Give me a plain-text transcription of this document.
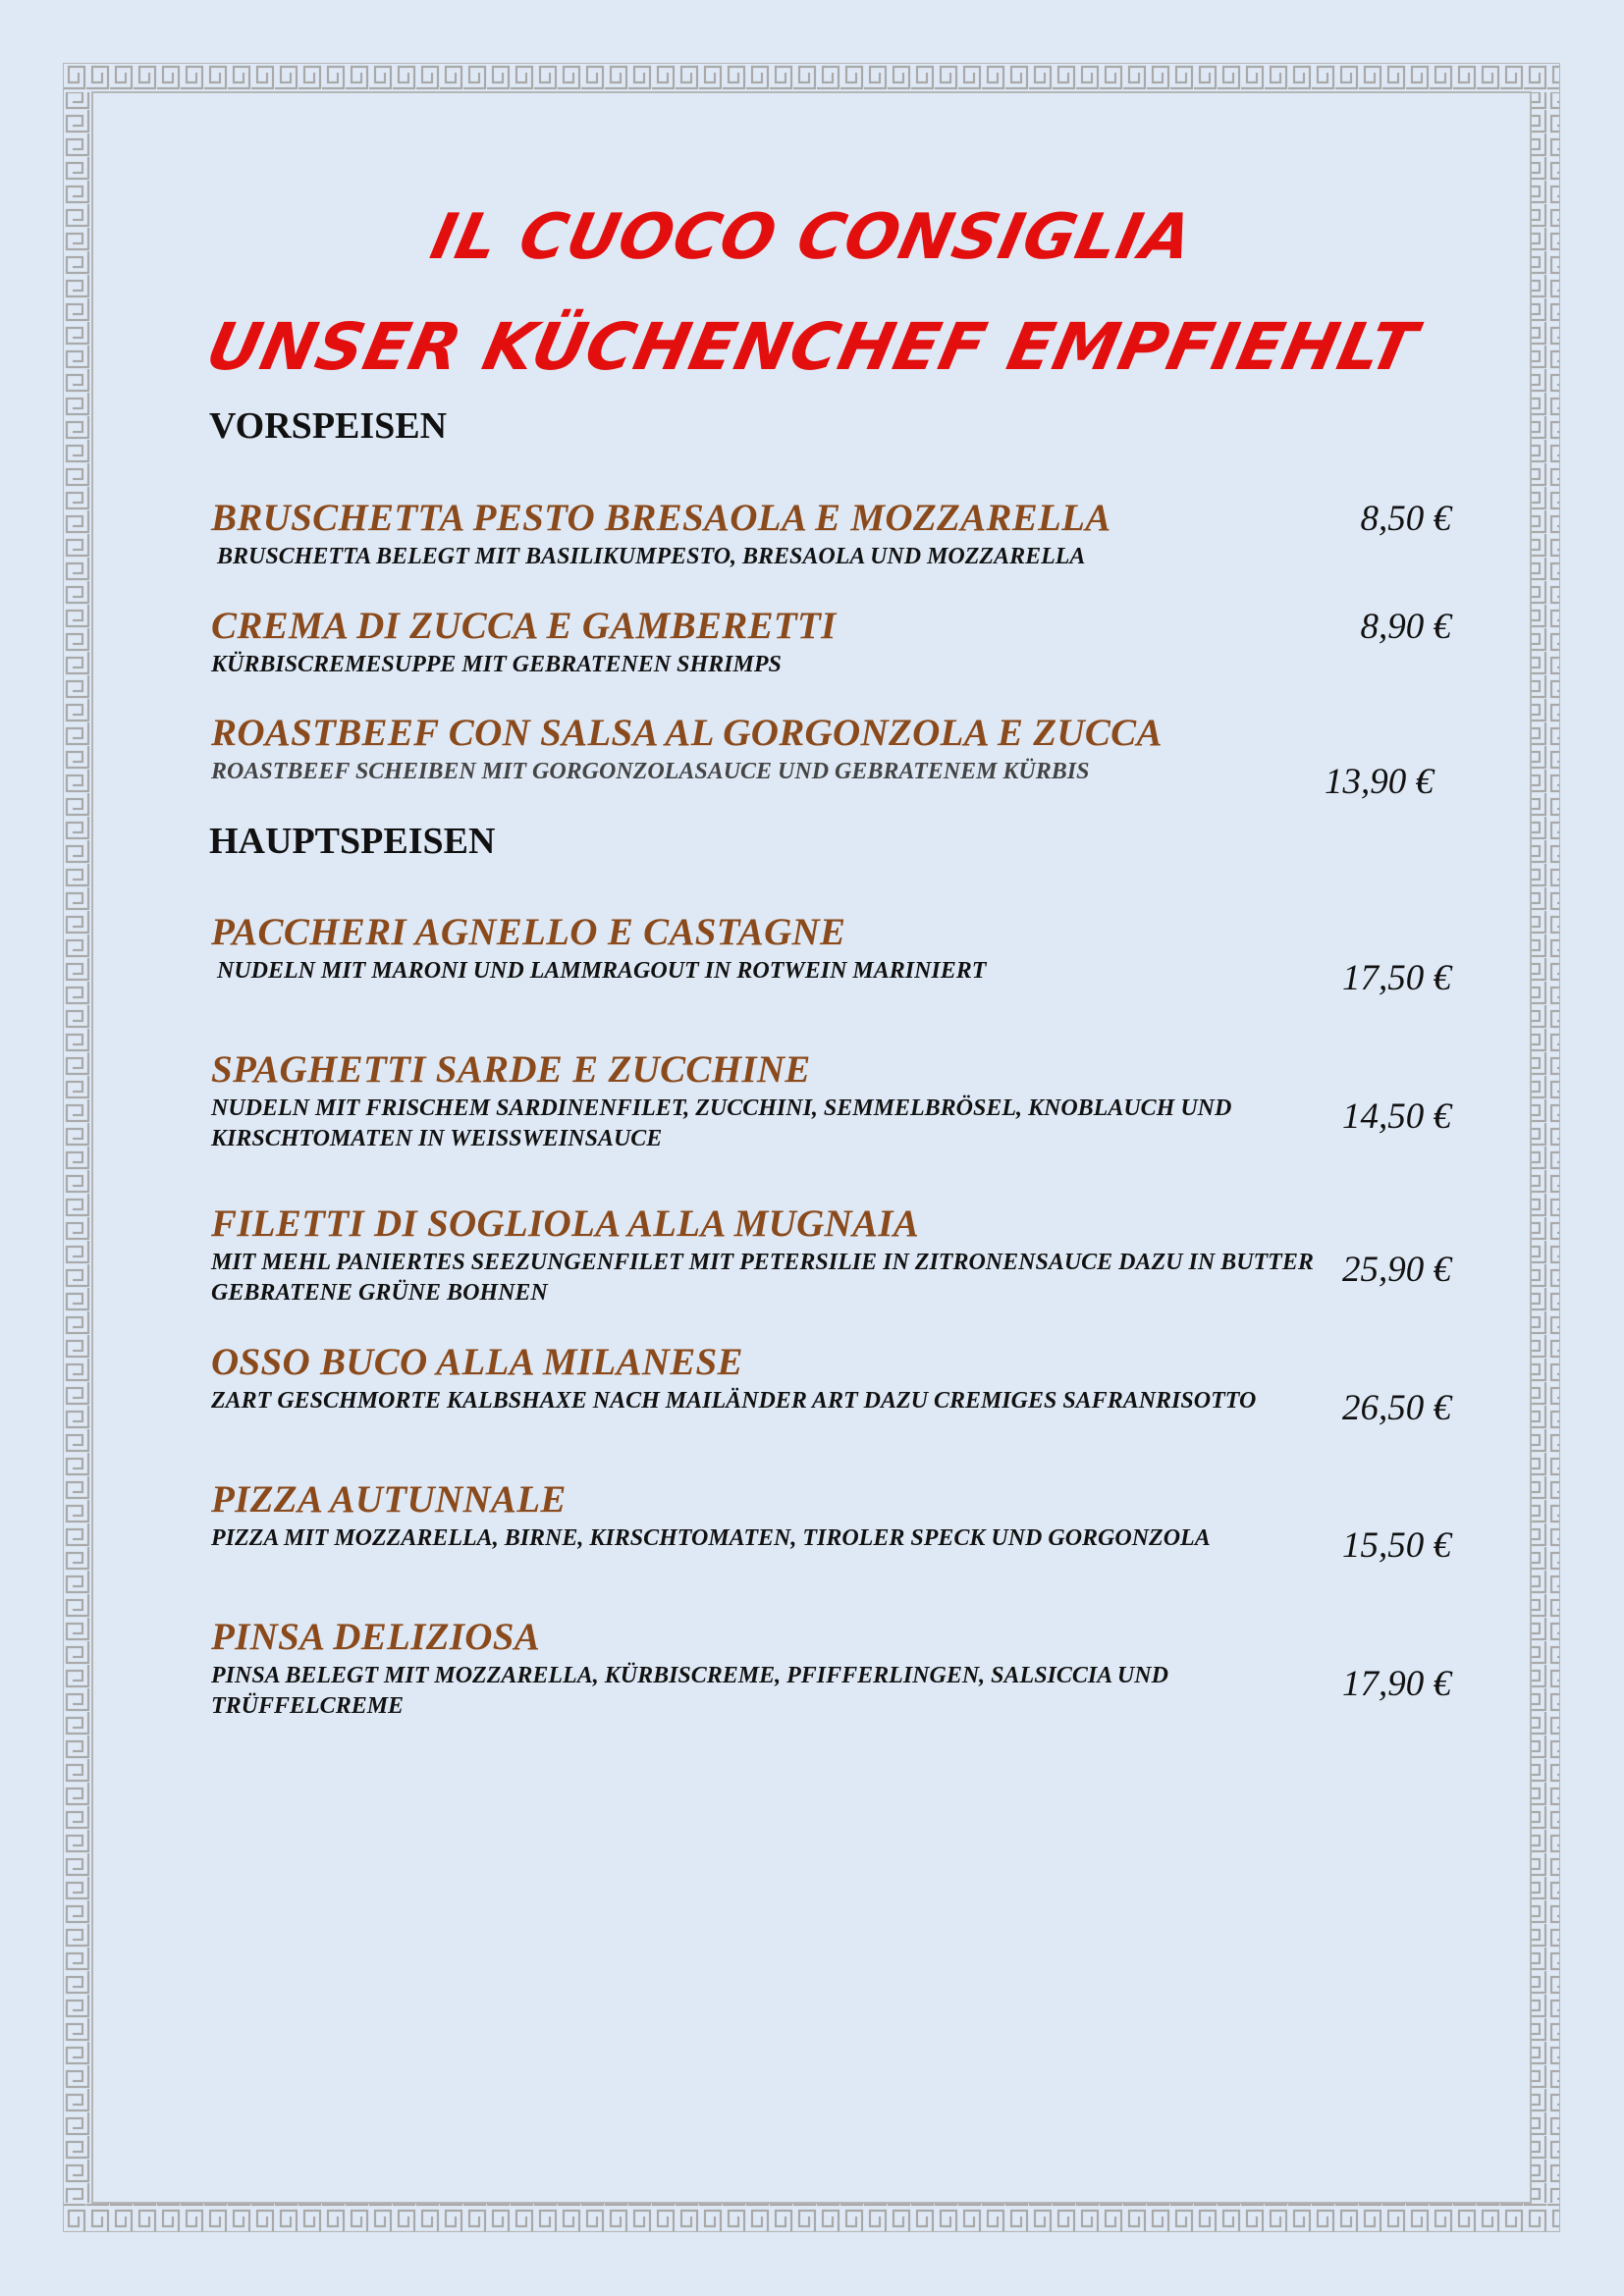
IL CUOCO CONSIGLIA
UNSER KÜCHENCHEF EMPFIEHLT
VORSPEISEN
BRUSCHETTA PESTO BRESAOLA E MOZZARELLA
BRUSCHETTA BELEGT MIT BASILIKUMPESTO, BRESAOLA UND MOZZARELLA
8,50 €
CREMA DI ZUCCA E GAMBERETTI
KÜRBISCREMESUPPE MIT GEBRATENEN SHRIMPS
8,90 €
ROASTBEEF CON SALSA AL GORGONZOLA E ZUCCA
ROASTBEEF SCHEIBEN MIT GORGONZOLASAUCE UND GEBRATENEM KÜRBIS	13,90 €
HAUPTSPEISEN
PACCHERI AGNELLO E CASTAGNE
NUDELN MIT MARONI UND LAMMRAGOUT IN ROTWEIN MARINIERT	17,50 €
SPAGHETTI SARDE E ZUCCHINE
NUDELN MIT FRISCHEM SARDINENFILET, ZUCCHINI, SEMMELBRÖSEL, KNOBLAUCH UND KIRSCHTOMATEN IN WEISSWEINSAUCE
14,50 €
FILETTI DI SOGLIOLA ALLA MUGNAIA
MIT MEHL PANIERTES SEEZUNGENFILET MIT PETERSILIE IN ZITRONENSAUCE DAZU IN BUTTER GEBRATENE GRÜNE BOHNEN
25,90 €
OSSO BUCO ALLA MILANESE
ZART GESCHMORTE KALBSHAXE NACH MAILÄNDER ART DAZU CREMIGES SAFRANRISOTTO	26,50 €
PIZZA AUTUNNALE
PIZZA MIT MOZZARELLA, BIRNE, KIRSCHTOMATEN, TIROLER SPECK UND GORGONZOLA	15,50 €
PINSA DELIZIOSA
PINSA BELEGT MIT MOZZARELLA, KÜRBISCREME, PFIFFERLINGEN, SALSICCIA UND TRÜFFELCREME
17,90 €
